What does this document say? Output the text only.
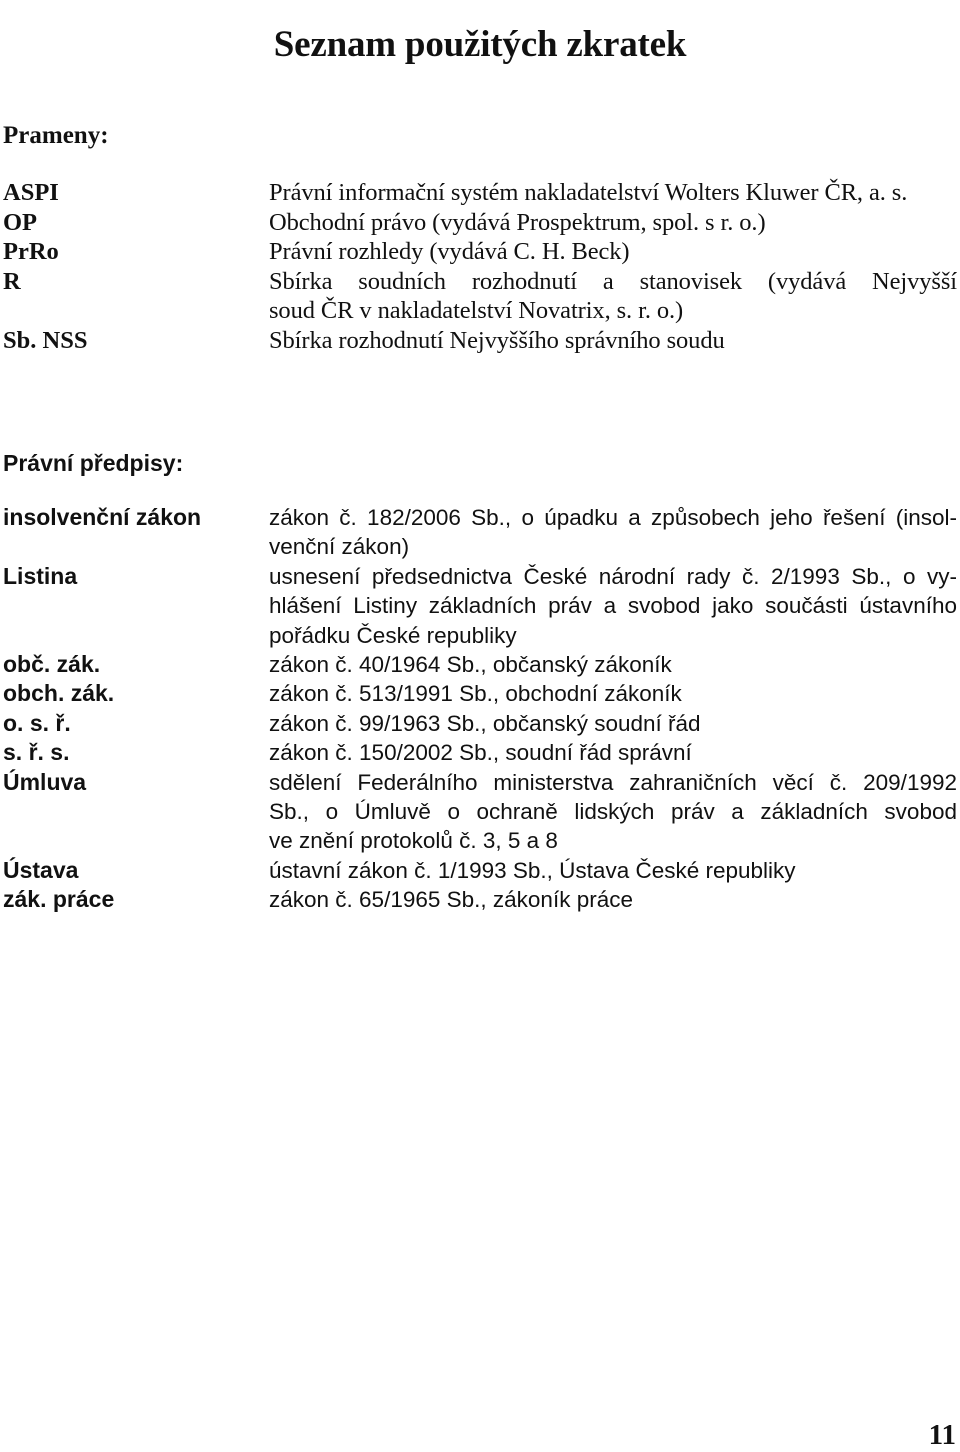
Seznam použitých zkratek
Prameny:
ASPI	Právní informační systém nakladatelství Wolters Kluwer ČR, a. s.
OP	Obchodní právo (vydává Prospektrum, spol. s r. o.)
PrRo	Právní rozhledy (vydává C. H. Beck)
R	Sbírka soudních rozhodnutí a stanovisek (vydává Nejvyšší
soud ČR v nakladatelství Novatrix, s. r. o.)
Sb. NSS	Sbírka rozhodnutí Nejvyššího správního soudu
Právní předpisy:
insolvenční zákon	zákon č. 182/2006 Sb., o úpadku a způsobech jeho řešení (insol-
venční zákon)
Listina	usnesení předsednictva České národní rady č. 2/1993 Sb., o vy-
hlášení Listiny základních práv a svobod jako součásti ústavního
pořádku České republiky
obč. zák.	zákon č. 40/1964 Sb., občanský zákoník
obch. zák.	zákon č. 513/1991 Sb., obchodní zákoník
o. s. ř.	zákon č. 99/1963 Sb., občanský soudní řád
s. ř. s.	zákon č. 150/2002 Sb., soudní řád správní
Úmluva	sdělení Federálního ministerstva zahraničních věcí č. 209/1992
Sb., o Úmluvě o ochraně lidských práv a základních svobod
ve znění protokolů č. 3, 5 a 8
Ústava	ústavní zákon č. 1/1993 Sb., Ústava České republiky
zák. práce	zákon č. 65/1965 Sb., zákoník práce
11
